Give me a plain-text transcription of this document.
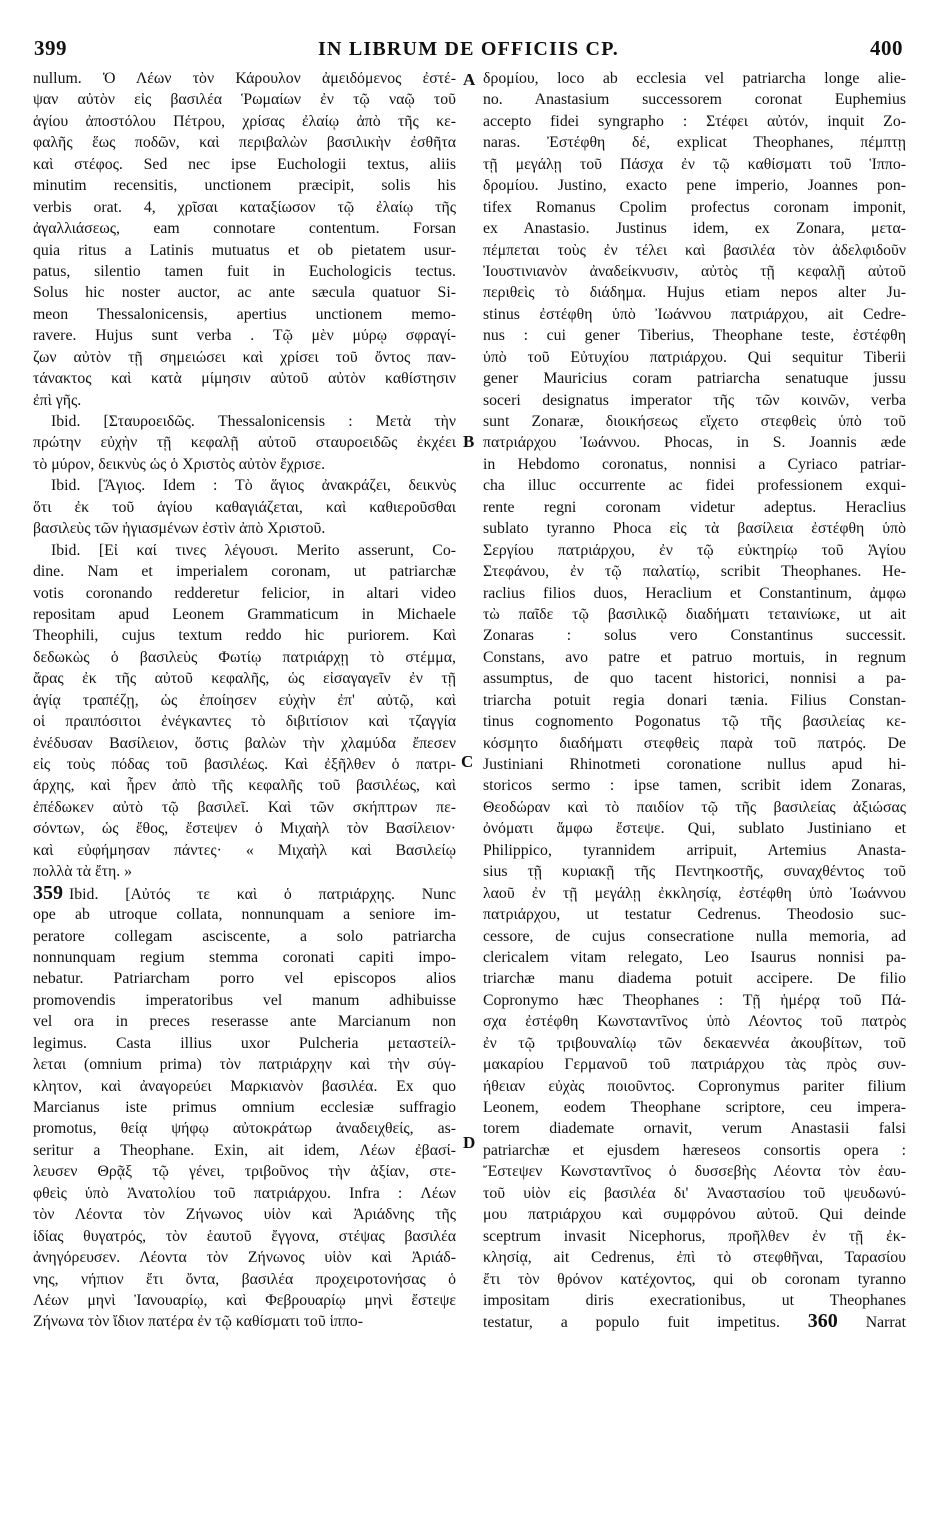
399	IN LIBRUM DE OFFICIIS CP.	400
nullum. Ὁ Λέων τὸν Κάρουλον ἀμειδόμενος ἐστέ-
ψαν αὐτὸν εἰς βασιλέα Ῥωμαίων ἐν τῷ ναῷ τοῦ
ἁγίου ἀποστόλου Πέτρου, χρίσας ἐλαίῳ ἀπὸ τῆς κε-
φαλῆς ἕως ποδῶν, καὶ περιβαλὼν βασιλικὴν ἐσθῆτα
καὶ στέφος. Sed nec ipse Euchologii textus, aliis
minutim recensitis, unctionem præcipit, solis his
verbis orat. 4, χρῖσαι καταξίωσον τῷ ἐλαίῳ τῆς
ἀγαλλιάσεως, eam connotare contentum. Forsan
quia ritus a Latinis mutuatus et ob pietatem usur-
patus, silentio tamen fuit in Euchologicis tectus.
Solus hic noster auctor, ac ante sæcula quatuor Si-
meon Thessalonicensis, apertius unctionem memo-
ravere. Hujus sunt verba . Τῷ μὲν μύρῳ σφραγί-
ζων αὐτὸν τῇ σημειώσει καὶ χρίσει τοῦ ὄντος παν-
τάνακτος καὶ κατὰ μίμησιν αὐτοῦ αὐτὸν καθίστησιν
ἐπὶ γῆς.
Ibid. [Σταυροειδῶς. Thessalonicensis : Μετὰ τὴν
πρώτην εὐχὴν τῇ κεφαλῇ αὐτοῦ σταυροειδῶς ἐκχέει
τὸ μύρον, δεικνὺς ὡς ὁ Χριστὸς αὐτὸν ἔχρισε.
Ibid. [Ἅγιος. Idem : Τὸ ἅγιος ἀνακράζει, δεικνὺς
ὅτι ἐκ τοῦ ἁγίου καθαγιάζεται, καὶ καθιεροῦσθαι
βασιλεὺς τῶν ἡγιασμένων ἐστὶν ἀπὸ Χριστοῦ.
Ibid. [Εἰ καί τινες λέγουσι. Merito asserunt, Co-
dine. Nam et imperialem coronam, ut patriarchæ
votis coronando redderetur felicior, in altari video
repositam apud Leonem Grammaticum in Michaele
Theophili, cujus textum reddo hic puriorem. Καὶ
δεδωκὼς ὁ βασιλεὺς Φωτίῳ πατριάρχῃ τὸ στέμμα,
ἄρας ἐκ τῆς αὐτοῦ κεφαλῆς, ὡς εἰσαγαγεῖν ἐν τῇ
ἁγίᾳ τραπέζῃ, ὡς ἐποίησεν εὐχὴν ἐπ' αὐτῷ, καὶ
οἱ πραιπόσιτοι ἐνέγκαντες τὸ διβιτίσιον καὶ τζαγγία
ἐνέδυσαν Βασίλειον, ὅστις βαλὼν τὴν χλαμύδα ἔπεσεν
εἰς τοὺς πόδας τοῦ βασιλέως. Καὶ ἐξῆλθεν ὁ πατρι-
άρχης, καὶ ἦρεν ἀπὸ τῆς κεφαλῆς τοῦ βασιλέως, καὶ
ἐπέδωκεν αὐτὸ τῷ βασιλεῖ. Καὶ τῶν σκήπτρων πε-
σόντων, ὡς ἔθος, ἔστεψεν ὁ Μιχαὴλ τὸν Βασίλειον·
καὶ εὐφήμησαν πάντες· « Μιχαὴλ καὶ Βασιλείῳ
πολλὰ τὰ ἔτη. »
359 Ibid. [Αὐτός τε καὶ ὁ πατριάρχης. Nunc
ope ab utroque collata, nonnunquam a seniore im-
peratore collegam asciscente, a solo patriarcha
nonnunquam regium stemma coronati capiti impo-
nebatur. Patriarcham porro vel episcopos alios
promovendis imperatoribus vel manum adhibuisse
vel ora in preces reserasse ante Marcianum non
legimus. Casta illius uxor Pulcheria μεταστείλ-
λεται (omnium prima) τὸν πατριάρχην καὶ τὴν σύγ-
κλητον, καὶ ἀναγορεύει Μαρκιανὸν βασιλέα. Ex quo
Marcianus iste primus omnium ecclesiæ suffragio
promotus, θείᾳ ψήφῳ αὐτοκράτωρ ἀναδειχθείς, as-
seritur a Theophane. Exin, ait idem, Λέων ἐβασί-
λευσεν Θρᾷξ τῷ γένει, τριβοῦνος τὴν ἀξίαν, στε-
φθεὶς ὑπὸ Ἀνατολίου τοῦ πατριάρχου. Infra : Λέων
τὸν Λέοντα τὸν Ζήνωνος υἱὸν καὶ Ἀριάδνης τῆς
ἰδίας θυγατρός, τὸν ἑαυτοῦ ἔγγονα, στέψας βασιλέα
ἀνηγόρευσεν. Λέοντα τὸν Ζήνωνος υἱὸν καὶ Ἀριάδ-
νης, νήπιον ἔτι ὄντα, βασιλέα προχειροτονήσας ὁ
Λέων μηνὶ Ἰανουαρίῳ, καὶ Φεβρουαρίῳ μηνὶ ἔστεψε
Ζήνωνα τὸν ἴδιον πατέρα ἐν τῷ καθίσματι τοῦ ἱππο-
δρομίου, loco ab ecclesia vel patriarcha longe alie-
no. Anastasium successorem coronat Euphemius
accepto fidei syngrapho : Στέφει αὐτόν, inquit Zo-
naras. Ἐστέφθη δέ, explicat Theophanes, πέμπτῃ
τῇ μεγάλῃ τοῦ Πάσχα ἐν τῷ καθίσματι τοῦ Ἱππο-
δρομίου. Justino, exacto pene imperio, Joannes pon-
tifex Romanus Cpolim profectus coronam imponit,
ex Anastasio. Justinus idem, ex Zonara, μετα-
πέμπεται τοὺς ἐν τέλει καὶ βασιλέα τὸν ἀδελφιδοῦν
Ἰουστινιανὸν ἀναδείκνυσιν, αὐτὸς τῇ κεφαλῇ αὐτοῦ
περιθεὶς τὸ διάδημα. Hujus etiam nepos alter Ju-
stinus ἐστέφθη ὑπὸ Ἰωάννου πατριάρχου, ait Cedre-
nus : cui gener Tiberius, Theophane teste, ἐστέφθη
ὑπὸ τοῦ Εὐτυχίου πατριάρχου. Qui sequitur Tiberii
gener Mauricius coram patriarcha senatuque jussu
soceri designatus imperator τῆς τῶν κοινῶν, verba
sunt Zonaræ, διοικήσεως εἴχετο στεφθεὶς ὑπὸ τοῦ
πατριάρχου Ἰωάννου. Phocas, in S. Joannis æde
in Hebdomo coronatus, nonnisi a Cyriaco patriar-
cha illuc occurrente ac fidei professionem exqui-
rente regni coronam videtur adeptus. Heraclius
sublato tyranno Phoca εἰς τὰ βασίλεια ἐστέφθη ὑπὸ
Σεργίου πατριάρχου, ἐν τῷ εὐκτηρίῳ τοῦ Ἁγίου
Στεφάνου, ἐν τῷ παλατίῳ, scribit Theophanes. He-
raclius filios duos, Heraclium et Constantinum, ἀμφω
τὼ παῖδε τῷ βασιλικῷ διαδήματι τεταινίωκε, ut ait
Zonaras : solus vero Constantinus successit.
Constans, avo patre et patruo mortuis, in regnum
assumptus, de quo tacent historici, nonnisi a pa-
triarcha potuit regia donari tænia. Filius Constan-
tinus cognomento Pogonatus τῷ τῆς βασιλείας κε-
κόσμητο διαδήματι στεφθεὶς παρὰ τοῦ πατρός. De
Justiniani Rhinotmeti coronatione nullus apud hi-
storicos sermo : ipse tamen, scribit idem Zonaras,
Θεοδώραν καὶ τὸ παιδίον τῷ τῆς βασιλείας ἀξιώσας
ὀνόματι ἄμφω ἔστεψε. Qui, sublato Justiniano et
Philippico, tyrannidem arripuit, Artemius Anasta-
sius τῇ κυριακῇ τῆς Πεντηκοστῆς, συναχθέντος τοῦ
λαοῦ ἐν τῇ μεγάλῃ ἐκκλησίᾳ, ἐστέφθη ὑπὸ Ἰωάννου
πατριάρχου, ut testatur Cedrenus. Theodosio suc-
cessore, de cujus consecratione nulla memoria, ad
clericalem vitam relegato, Leo Isaurus nonnisi pa-
triarchæ manu diadema potuit accipere. De filio
Copronymo hæc Theophanes : Τῇ ἡμέρᾳ τοῦ Πά-
σχα ἐστέφθη Κωνσταντῖνος ὑπὸ Λέοντος τοῦ πατρὸς
ἐν τῷ τριβουναλίῳ τῶν δεκαεννέα ἀκουβίτων, τοῦ
μακαρίου Γερμανοῦ τοῦ πατριάρχου τὰς πρὸς συν-
ήθειαν εὐχὰς ποιοῦντος. Copronymus pariter filium
Leonem, eodem Theophane scriptore, ceu impera-
torem diademate ornavit, verum Anastasii falsi
patriarchæ et ejusdem hæreseos consortis opera :
Ἔστεψεν Κωνσταντῖνος ὁ δυσσεβὴς Λέοντα τὸν ἑαυ-
τοῦ υἱὸν εἰς βασιλέα δι' Ἀναστασίου τοῦ ψευδωνύ-
μου πατριάρχου καὶ συμφρόνου αὐτοῦ. Qui deinde
sceptrum invasit Nicephorus, προῆλθεν ἐν τῇ ἐκ-
κλησίᾳ, ait Cedrenus, ἐπὶ τὸ στεφθῆναι, Ταρασίου
ἔτι τὸν θρόνον κατέχοντος, qui ob coronam tyranno
impositam diris execrationibus, ut Theophanes
testatur, a populo fuit impetitus. 360 Narrat
A
B
C
D
